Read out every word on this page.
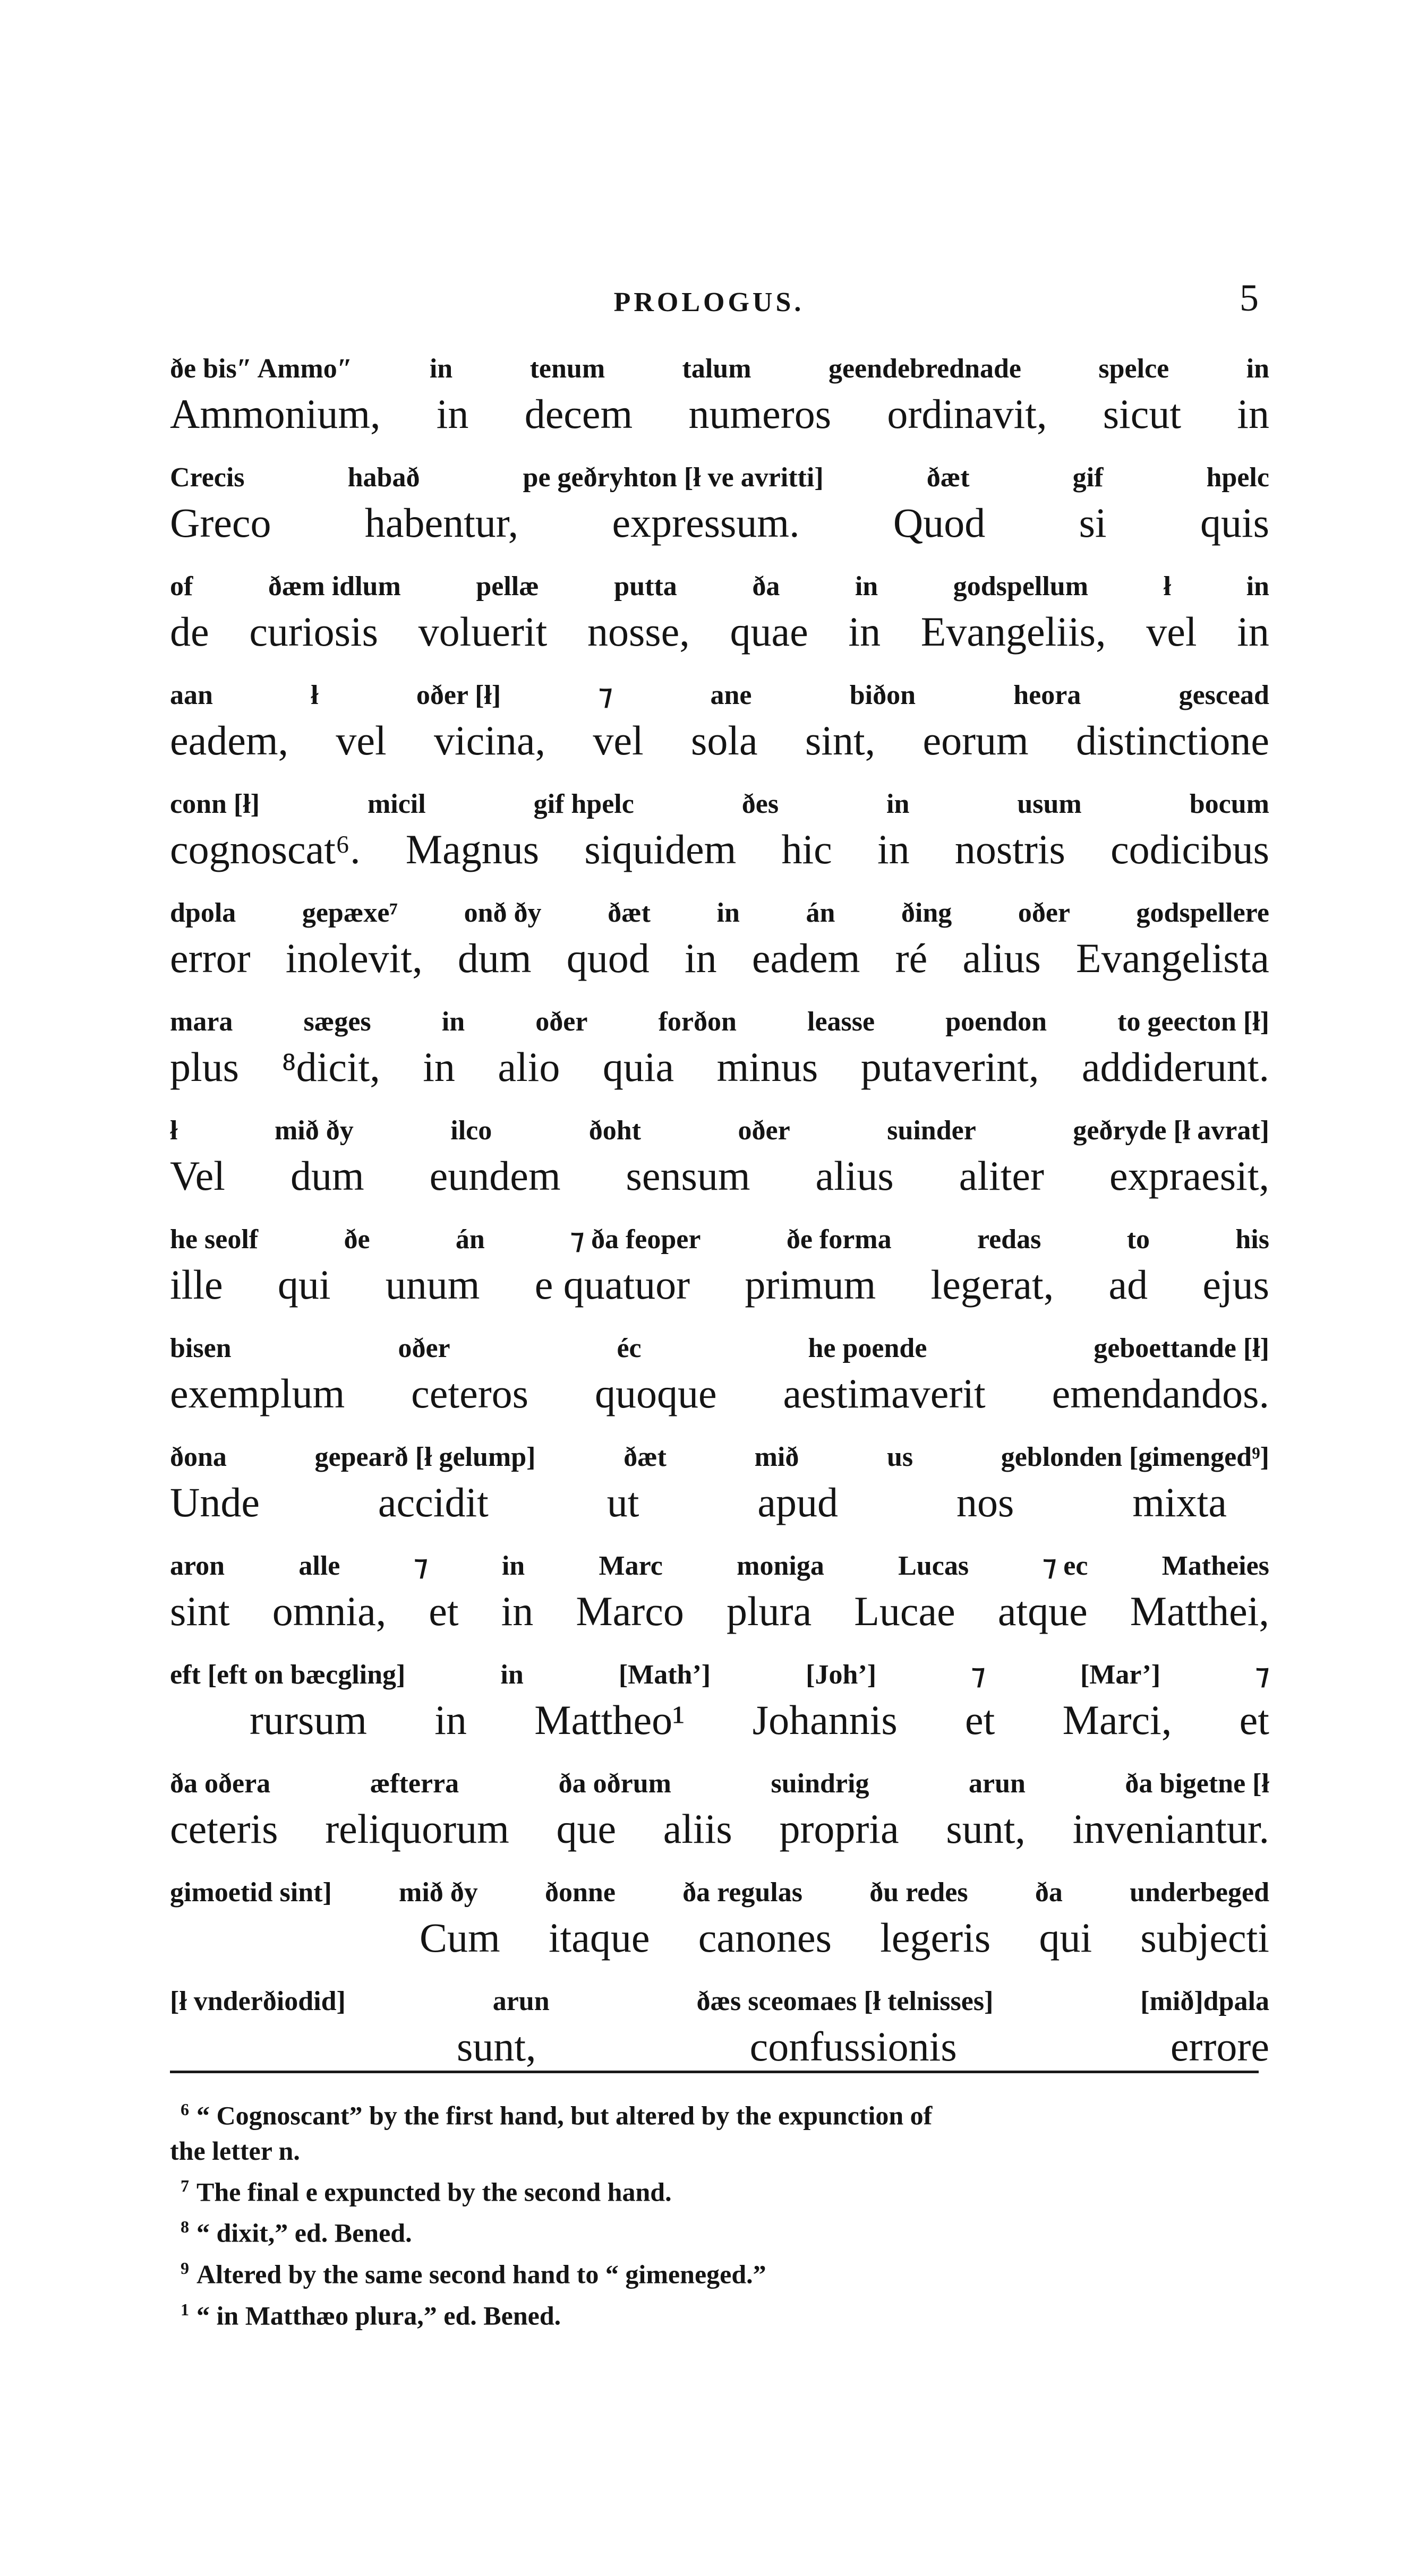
PROLOGUS.	5
ðe bis″ Ammo″	in	tenum	talum	geendebrednade	spelce	in
Ammonium, in decem numeros ordinavit, sicut in
Crecis	habað	pe geðryhton [ł ve avritti]	ðæt	gif	hpelc
Greco habentur, expressum. Quod si quis
of	ðæm idlum	pellæ	putta	ða	in	godspellum	ł	in
de curiosis voluerit nosse, quae in Evangeliis, vel in
aan	ł	oðer [ł]	⁊	ane	biðon	heora	gescead
eadem, vel vicina, vel sola sint, eorum distinctione
conn [ł]	micil	gif hpelc	ðes	in	usum	bocum
cognoscat⁶. Magnus siquidem hic in nostris codicibus
dpola gepæxe⁷ onð ðy ðæt in án ðing oðer godspellere
error inolevit, dum quod in eadem ré alius Evangelista
mara	sæges	in	oðer	forðon	leasse	poendon	to geecton [ł]
plus ⁸dicit, in alio quia minus putaverint, addiderunt.
ł	mið ðy	ilco	ðoht	oðer	suinder	geðryde [ł avrat]
Vel dum eundem sensum alius aliter expraesit,
he seolf	ðe	án	⁊ ða feoper	ðe forma	redas	to	his
ille qui unum e quatuor primum legerat, ad ejus
bisen	oðer	éc	he poende	geboettande [ł]
exemplum ceteros quoque aestimaverit emendandos.
ðona	gepearð [ł gelump]	ðæt	mið	us	geblonden [gimenged⁹]
Unde	accidit	ut	apud	nos	mixta
aron	alle	⁊	in	Marc	moniga	Lucas	⁊ ec	Matheies
sint omnia, et in Marco plura Lucae atque Matthei,
eft [eft on bæcgling]	in	[Math’]	[Joh’]	⁊	[Mar’]	⁊
rursum in Mattheo¹ Johannis et Marci, et
ða oðera	æfterra	ða oðrum	suindrig	arun	ða bigetne [ł
ceteris reliquorum que aliis propria sunt, inveniantur.
gimoetid sint] mið ðy ðonne ða regulas ðu redes ða underbeged
Cum itaque canones legeris qui subjecti
[ł vnderðiodid]	arun	ðæs sceomaes [ł telnisses]	[mið]dpala
sunt,	confussionis	errore
$^6$ “ Cognoscant” by the first hand, but altered by the expunction of
the letter n.
$^7$ The final e expuncted by the second hand.
$^8$ “ dixit,” ed. Bened.
$^9$ Altered by the same second hand to “ gimeneged.”
$^1$ “ in Matthæo plura,” ed. Bened.
